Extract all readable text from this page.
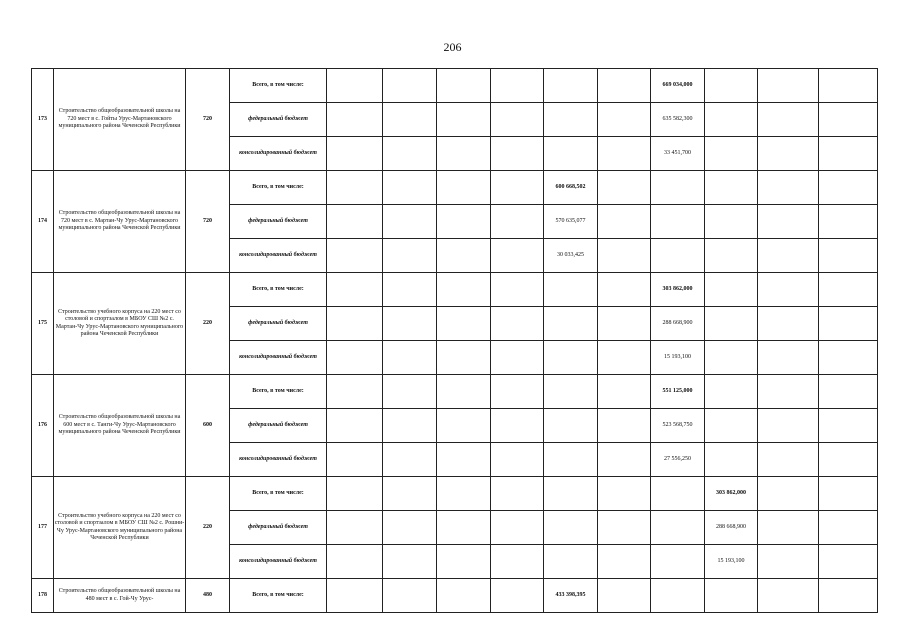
206
173	Строительство общеобразовательной школы на 720 мест в с. Гойты Урус-Мартановского муниципального района Чеченской Республики	720	Всего, в том числе:							669 034,000			
			федеральный бюджет							635 582,300			
			консолидированный бюджет							33 451,700			
174	Строительство общеобразовательной школы на 720 мест в с. Мартан-Чу Урус-Мартановского муниципального района Чеченской Республики	720	Всего, в том числе:					600 668,502					
			федеральный бюджет					570 635,077					
			консолидированный бюджет					30 033,425					
175	Строительство учебного корпуса на 220 мест со столовой и спортзалом в МБОУ СШ №2 с. Мартан-Чу Урус-Мартановского муниципального района Чеченской Республики	220	Всего, в том числе:							303 862,000			
			федеральный бюджет							288 668,900			
			консолидированный бюджет							15 193,100			
176	Строительство общеобразовательной школы на 600 мест в с. Танги-Чу Урус-Мартановского муниципального района Чеченской Республики	600	Всего, в том числе:							551 125,000			
			федеральный бюджет							523 568,750			
			консолидированный бюджет							27 556,250			
177	Строительство учебного корпуса на 220 мест со столовой и спортзалом в МБОУ СШ №2 с. Рошни-Чу Урус-Мартановского муниципального района Чеченской Республики	220	Всего, в том числе:								303 862,000		
			федеральный бюджет								288 668,900		
			консолидированный бюджет								15 193,100		
178	Строительство общеобразовательной школы на 480 мест в с. Гой-Чу Урус-	480	Всего, в том числе:					433 398,395					
